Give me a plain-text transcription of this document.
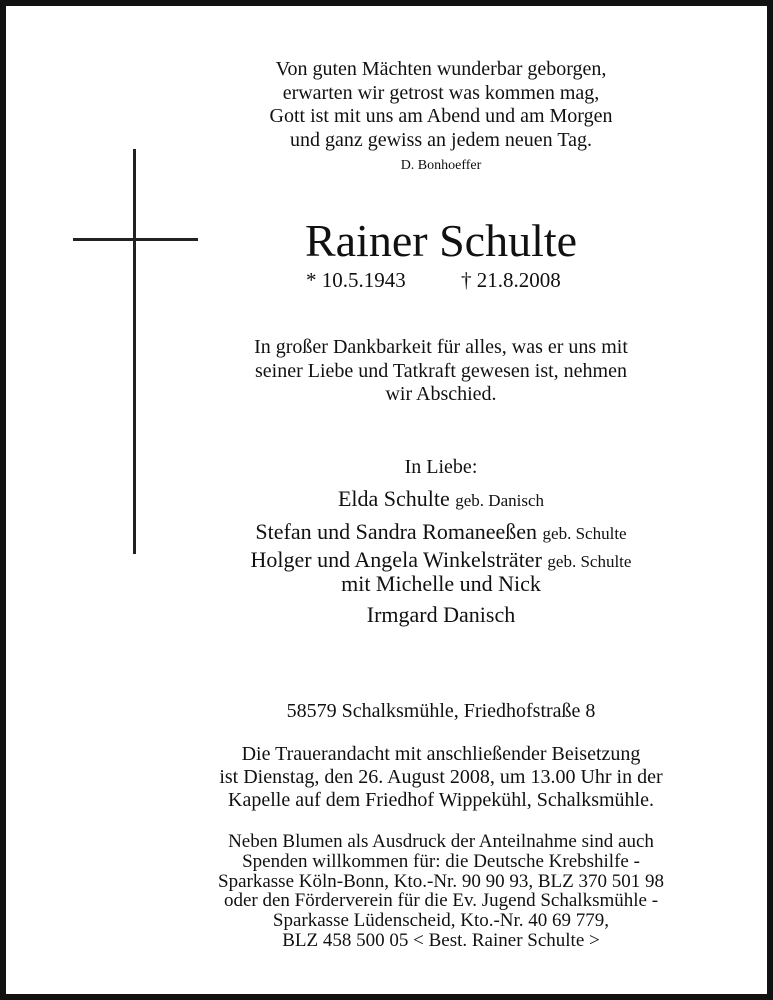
Von guten Mächten wunderbar geborgen,
erwarten wir getrost was kommen mag,
Gott ist mit uns am Abend und am Morgen
und ganz gewiss an jedem neuen Tag.
D. Bonhoeffer
Rainer Schulte
* 10.5.1943	† 21.8.2008
In großer Dankbarkeit für alles, was er uns mit
seiner Liebe und Tatkraft gewesen ist, nehmen
wir Abschied.
In Liebe:
Elda Schulte geb. Danisch
Stefan und Sandra Romaneeßen geb. Schulte
Holger und Angela Winkelsträter geb. Schulte
mit Michelle und Nick
Irmgard Danisch
58579 Schalksmühle, Friedhofstraße 8
Die Trauerandacht mit anschließender Beisetzung
ist Dienstag, den 26. August 2008, um 13.00 Uhr in der
Kapelle auf dem Friedhof Wippekühl, Schalksmühle.
Neben Blumen als Ausdruck der Anteilnahme sind auch
Spenden willkommen für: die Deutsche Krebshilfe -
Sparkasse Köln-Bonn, Kto.-Nr. 90 90 93, BLZ 370 501 98
oder den Förderverein für die Ev. Jugend Schalksmühle -
Sparkasse Lüdenscheid, Kto.-Nr. 40 69 779,
BLZ 458 500 05 < Best. Rainer Schulte >
